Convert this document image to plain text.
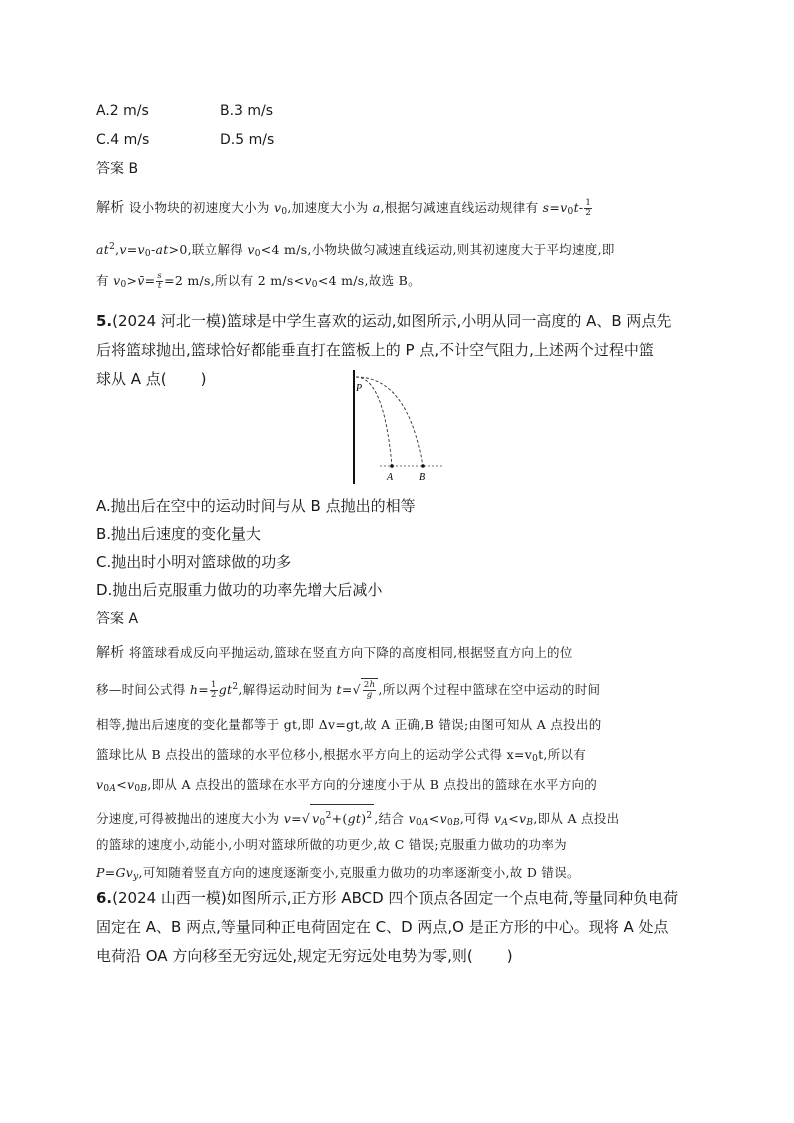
A.2 m/s	B.3 m/s
C.4 m/s	D.5 m/s
答案 B
解析 设小物块的初速度大小为 $v_0$,加速度大小为 a,根据匀减速直线运动规律有 $s=v_0t- \frac{1}{2}$
$at^2,v=v_0-at>0$,联立解得 $v_0<4$ m/s,小物块做匀减速直线运动,则其初速度大于平均速度,即
有 $v_0>v̄= \frac{s}{t} =2$ m/s,所以有 2 $m/s<v_0<4$ m/s,故选 B。
5.(2024 河北一模)篮球是中学生喜欢的运动,如图所示,小明从同一高度的 A、B 两点先
后将篮球抛出,篮球恰好都能垂直打在篮板上的 P 点,不计空气阻力,上述两个过程中篮
球从 A 点( )
P
A	B
A.抛出后在空中的运动时间与从 B 点抛出的相等
B.抛出后速度的变化量大
C.抛出时小明对篮球做的功多
D.抛出后克服重力做功的功率先增大后减小
答案 A
解析 将篮球看成反向平抛运动,篮球在竖直方向下降的高度相同,根据竖直方向上的位
移—时间公式得 $h= \frac{1}{2} gt^2$,解得运动时间为 $t=√ \frac{2h}{g}$ ,所以两个过程中篮球在空中运动的时间
相等,抛出后速度的变化量都等于 gt,即 Δv=gt,故 A 正确,B 错误;由图可知从 A 点投出的
篮球比从 B 点投出的篮球的水平位移小,根据水平方向上的运动学公式得 $x=v_0t$,所以有
$v_{0A}<v_{0B}$,即从 A 点投出的篮球在水平方向的分速度小于从 B 点投出的篮球在水平方向的
分速度,可得被抛出的速度大小为 v=√ $v_0^2+(gt)^2$ ,结合 $v_{0A}<v_{0B}$,可得 $v_A<v_B$,即从 A 点投出
的篮球的速度小,动能小,小明对篮球所做的功更少,故 C 错误;克服重力做功的功率为
$P=Gv_y$,可知随着竖直方向的速度逐渐变小,克服重力做功的功率逐渐变小,故 D 错误。
6.(2024 山西一模)如图所示,正方形 ABCD 四个顶点各固定一个点电荷,等量同种负电荷
固定在 A、B 两点,等量同种正电荷固定在 C、D 两点,O 是正方形的中心。现将 A 处点
电荷沿 OA 方向移至无穷远处,规定无穷远处电势为零,则( )
